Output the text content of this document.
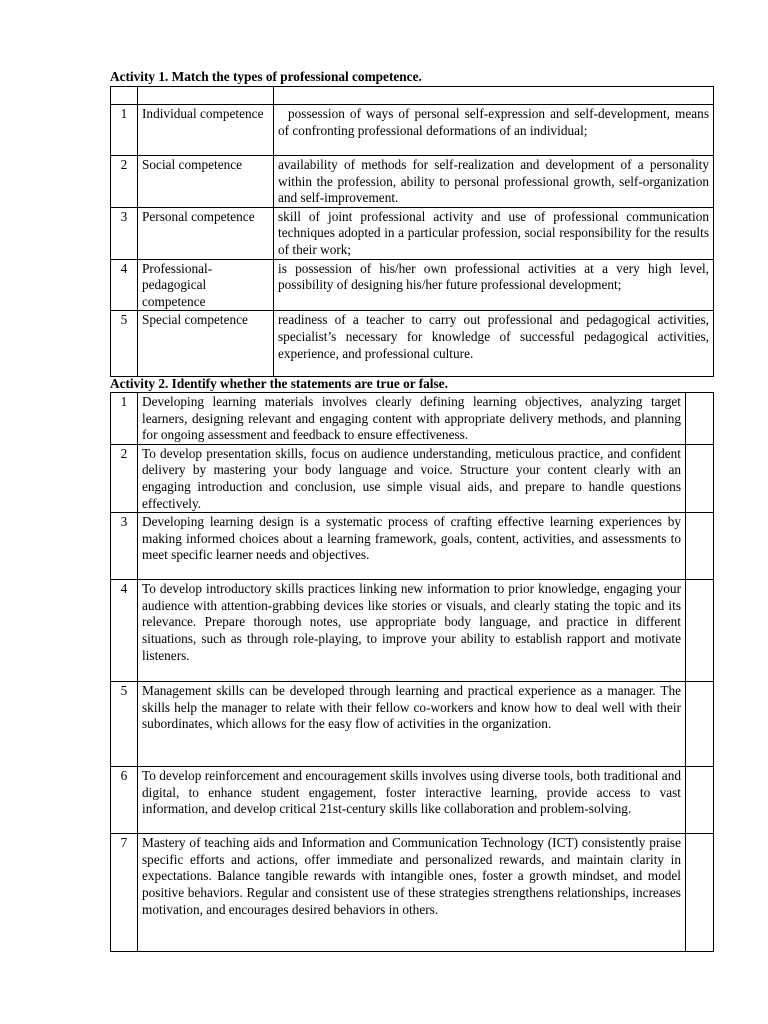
Activity 1. Match the types of professional competence.

1	Individual competence	possession of ways of personal self-expression and self-development, means of confronting professional deformations of an individual;
2	Social competence	availability of methods for self-realization and development of a personality within the profession, ability to personal professional growth, self-organization and self-improvement.
3	Personal competence	skill of joint professional activity and use of professional communication techniques adopted in a particular profession, social responsibility for the results of their work;
4	Professional-pedagogical competence	is possession of his/her own professional activities at a very high level, possibility of designing his/her future professional development;
5	Special competence	readiness of a teacher to carry out professional and pedagogical activities, specialist’s necessary for knowledge of successful pedagogical activities, experience, and professional culture.
Activity 2. Identify whether the statements are true or false.
1	Developing learning materials involves clearly defining learning objectives, analyzing target learners, designing relevant and engaging content with appropriate delivery methods, and planning for ongoing assessment and feedback to ensure effectiveness.	
2	To develop presentation skills, focus on audience understanding, meticulous practice, and confident delivery by mastering your body language and voice. Structure your content clearly with an engaging introduction and conclusion, use simple visual aids, and prepare to handle questions effectively.	
3	Developing learning design is a systematic process of crafting effective learning experiences by making informed choices about a learning framework, goals, content, activities, and assessments to meet specific learner needs and objectives.	
4	To develop introductory skills practices linking new information to prior knowledge, engaging your audience with attention-grabbing devices like stories or visuals, and clearly stating the topic and its relevance. Prepare thorough notes, use appropriate body language, and practice in different situations, such as through role-playing, to improve your ability to establish rapport and motivate listeners.	
5	Management skills can be developed through learning and practical experience as a manager. The skills help the manager to relate with their fellow co-workers and know how to deal well with their subordinates, which allows for the easy flow of activities in the organization.	
6	To develop reinforcement and encouragement skills involves using diverse tools, both traditional and digital, to enhance student engagement, foster interactive learning, provide access to vast information, and develop critical 21st-century skills like collaboration and problem-solving.	
7	Mastery of teaching aids and Information and Communication Technology (ICT) consistently praise specific efforts and actions, offer immediate and personalized rewards, and maintain clarity in expectations. Balance tangible rewards with intangible ones, foster a growth mindset, and model positive behaviors. Regular and consistent use of these strategies strengthens relationships, increases motivation, and encourages desired behaviors in others.	
